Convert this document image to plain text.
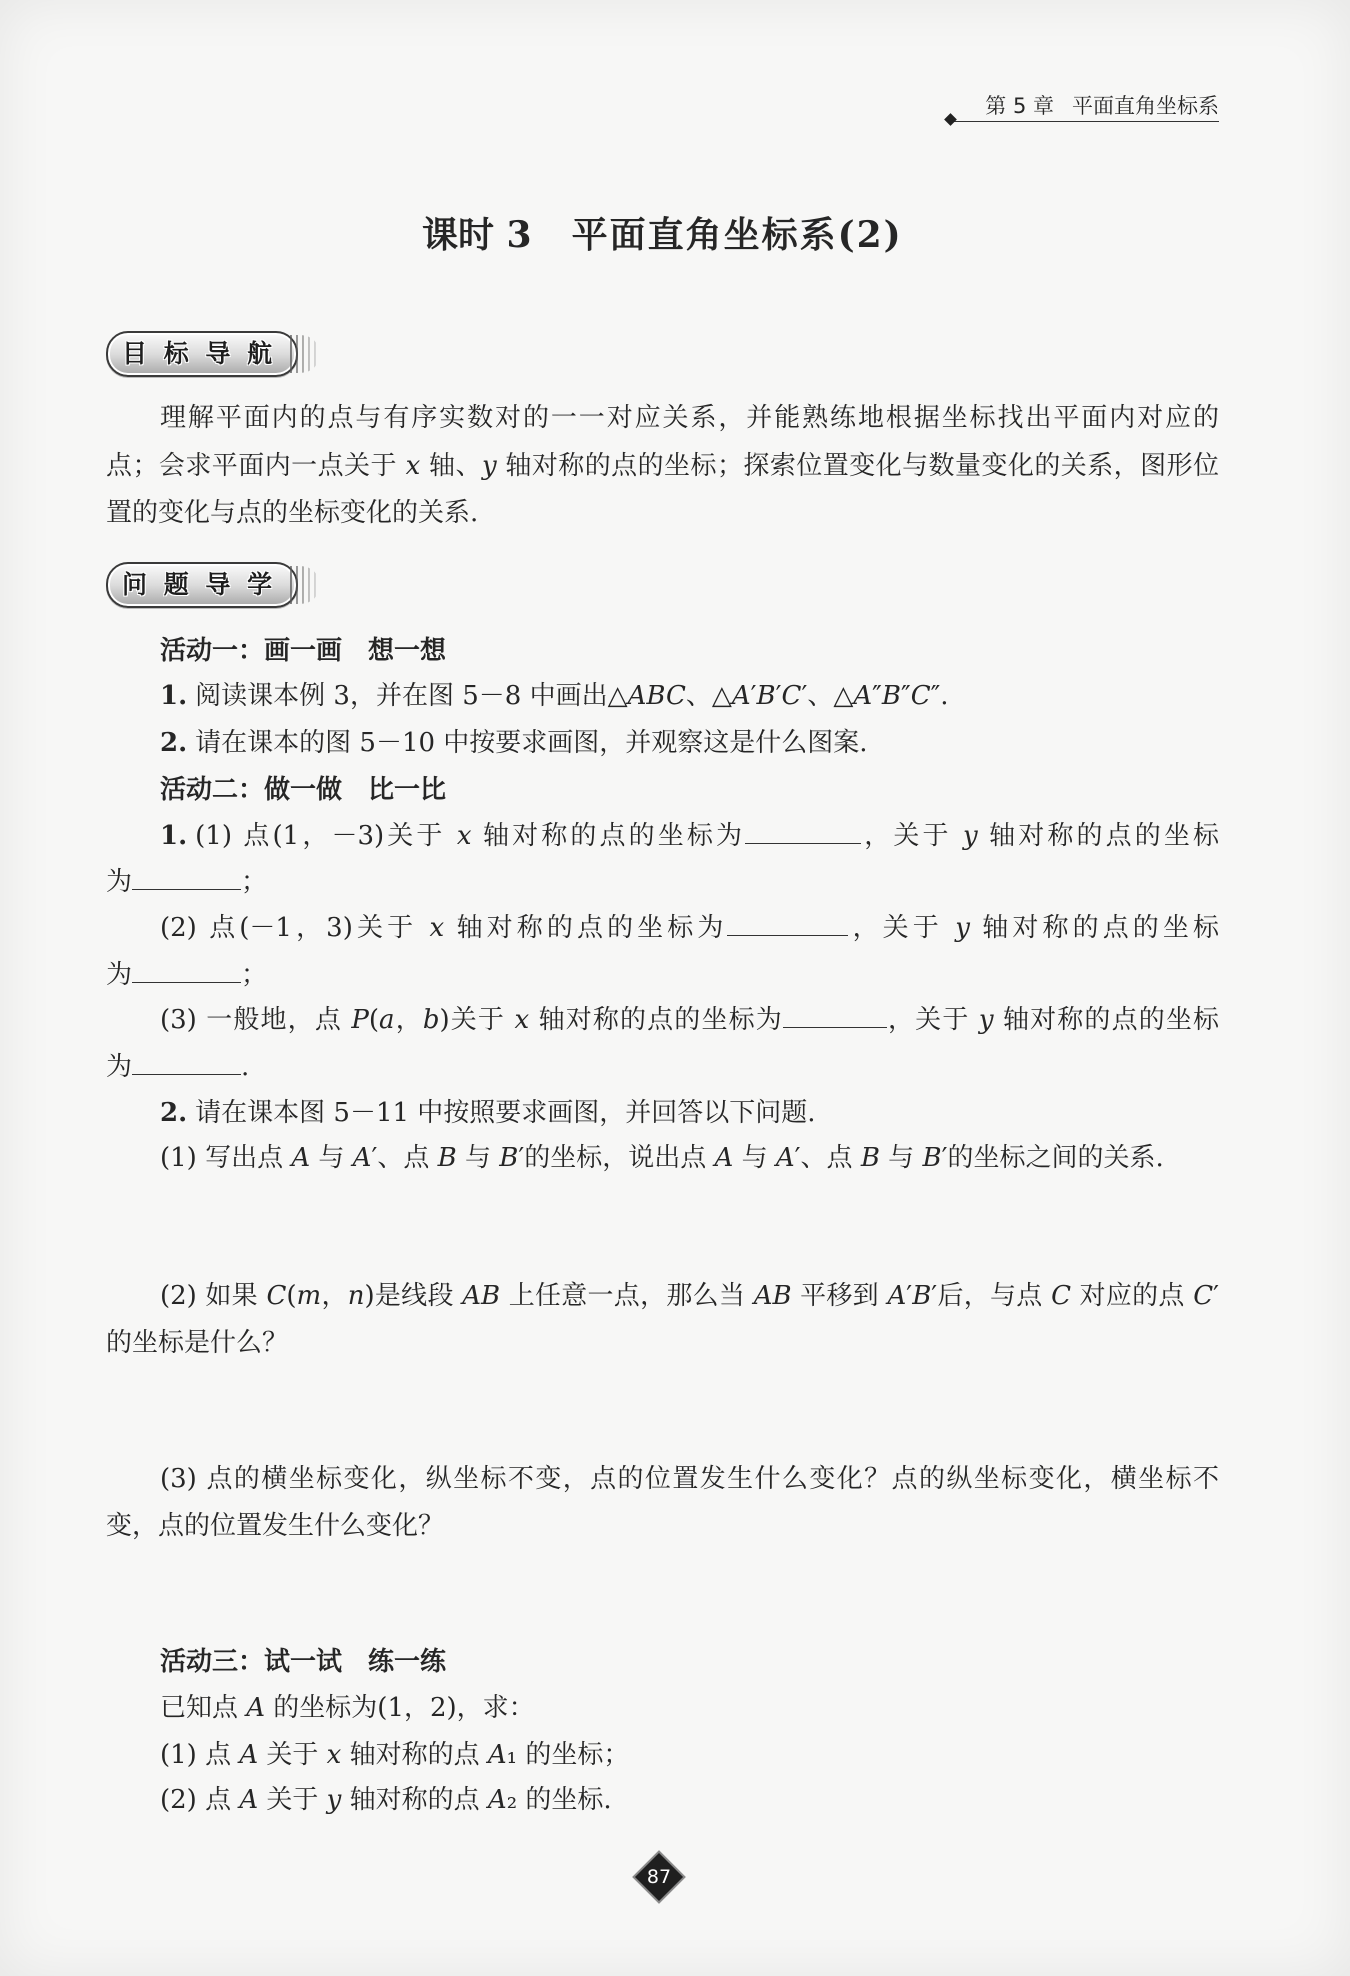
第 5 章 平面直角坐标系
课时 3 平面直角坐标系(2)
目 标 导 航
理解平面内的点与有序实数对的一一对应关系，并能熟练地根据坐标找出平面内对应的
点；会求平面内一点关于 x 轴、y 轴对称的点的坐标；探索位置变化与数量变化的关系，图形位
置的变化与点的坐标变化的关系.
问 题 导 学
活动一：画一画　想一想
1. 阅读课本例 3，并在图 5－8 中画出△ABC、△A′B′C′、△A″B″C″.
2. 请在课本的图 5－10 中按要求画图，并观察这是什么图案.
活动二：做一做　比一比
1. (1) 点(1，－3)关于 x 轴对称的点的坐标为	，关于 y 轴对称的点的坐标
为	；
(2) 点(－1，3)关于 x 轴对称的点的坐标为	，关于 y 轴对称的点的坐标
为	；
(3) 一般地，点 P(a，b)关于 x 轴对称的点的坐标为	，关于 y 轴对称的点的坐标
为	.
2. 请在课本图 5－11 中按照要求画图，并回答以下问题.
(1) 写出点 A 与 A′、点 B 与 B′的坐标，说出点 A 与 A′、点 B 与 B′的坐标之间的关系.
(2) 如果 C(m，n)是线段 AB 上任意一点，那么当 AB 平移到 A′B′后，与点 C 对应的点 C′
的坐标是什么？
(3) 点的横坐标变化，纵坐标不变，点的位置发生什么变化？点的纵坐标变化，横坐标不
变，点的位置发生什么变化？
活动三：试一试　练一练
已知点 A 的坐标为(1，2)，求：
(1) 点 A 关于 x 轴对称的点 A₁ 的坐标；
(2) 点 A 关于 y 轴对称的点 A₂ 的坐标.
87
